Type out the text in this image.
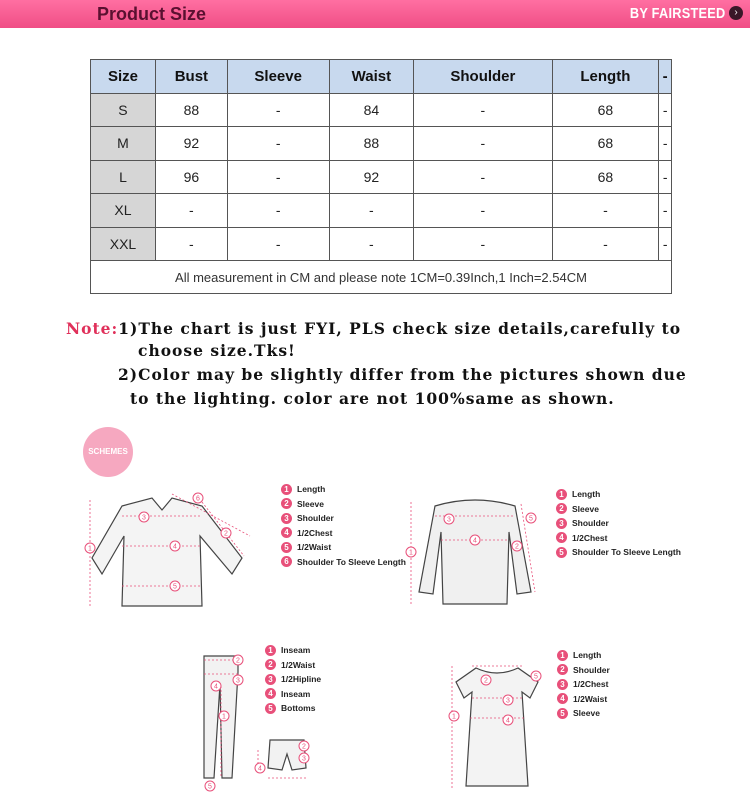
Product Size	BY FAIRSTEED ›
Size	Bust	Sleeve	Waist	Shoulder	Length	-
S	88	-	84	-	68	-
M	92	-	88	-	68	-
L	96	-	92	-	68	-
XL	-	-	-	-	-	-
XXL	-	-	-	-	-	-
All measurement in CM and please note 1CM=0.39Inch,1 Inch=2.54CM						
Note:1)The chart is just FYI, PLS check size details,carefully to
choose size.Tks!
2)Color may be slightly differ from the pictures shown due
to the lighting. color are not 100%same as shown.
SCHEMES
1
2
3
4
5
6
1 Length
2 Sleeve
3 Shoulder
4 1/2Chest
5 1/2Waist
6 Shoulder To Sleeve Length
1
2
3
4
5
1 Length
2 Sleeve
3 Shoulder
4 1/2Chest
5 Shoulder To Sleeve Length
2
3
4
1
5
2
3
4
1 Inseam
2 1/2Waist
3 1/2Hipline
4 Inseam
5 Bottoms
1
2
3
4
5
1 Length
2 Shoulder
3 1/2Chest
4 1/2Waist
5 Sleeve
